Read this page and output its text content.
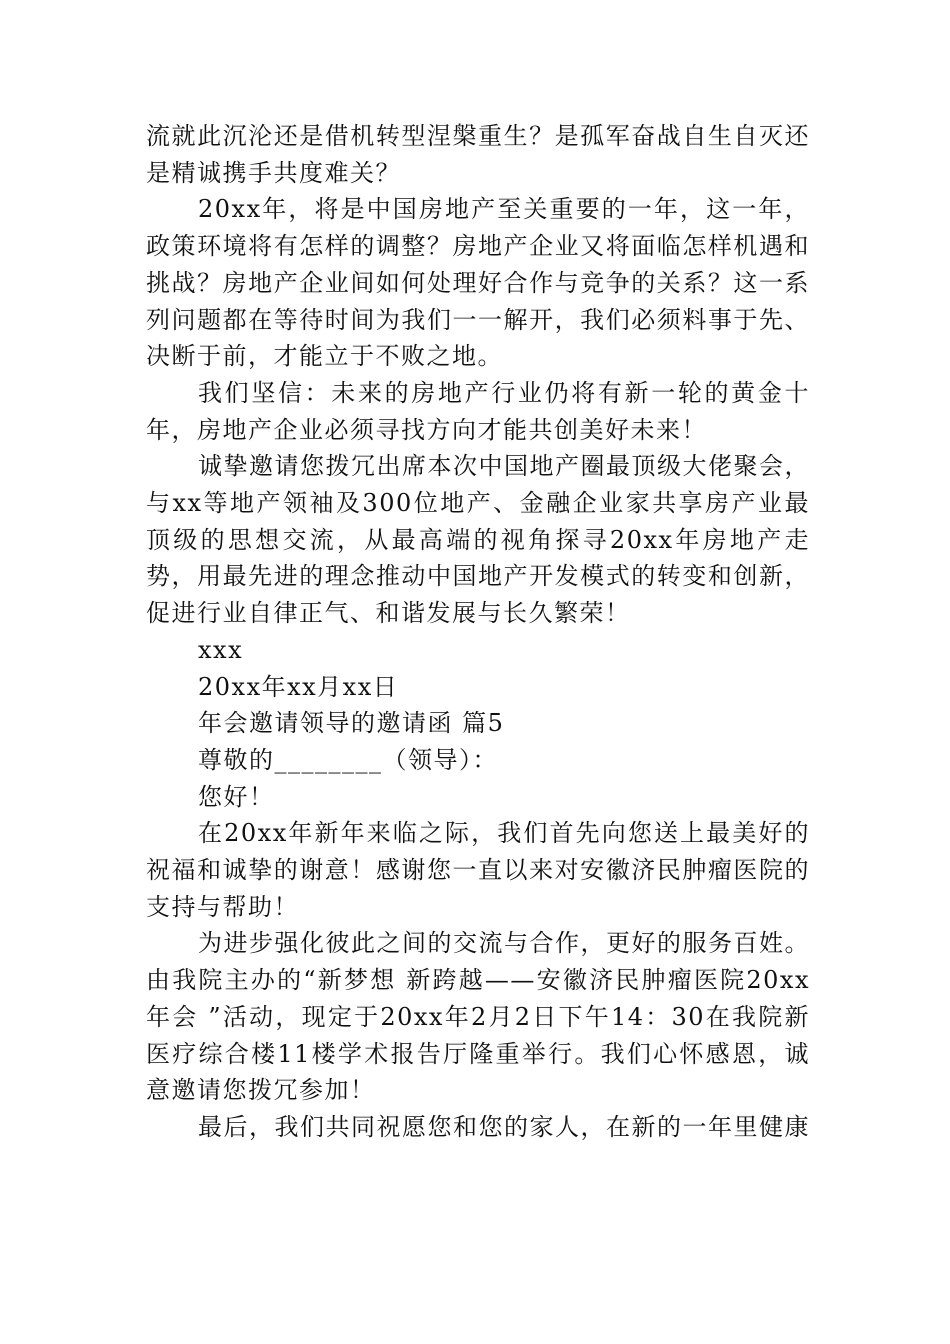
流就此沉沦还是借机转型涅槃重生？是孤军奋战自生自灭还是精诚携手共度难关？

20xx年，将是中国房地产至关重要的一年，这一年，政策环境将有怎样的调整？房地产企业又将面临怎样机遇和挑战？房地产企业间如何处理好合作与竞争的关系？这一系列问题都在等待时间为我们一一解开，我们必须料事于先、决断于前，才能立于不败之地。

我们坚信：未来的房地产行业仍将有新一轮的黄金十年，房地产企业必须寻找方向才能共创美好未来！

诚挚邀请您拨冗出席本次中国地产圈最顶级大佬聚会，与xx等地产领袖及300位地产、金融企业家共享房产业最顶级的思想交流，从最高端的视角探寻20xx年房地产走势，用最先进的理念推动中国地产开发模式的转变和创新，促进行业自律正气、和谐发展与长久繁荣！

xxx

20xx年xx月xx日

年会邀请领导的邀请函 篇5

尊敬的________（领导）：

您好！

在20xx年新年来临之际，我们首先向您送上最美好的祝福和诚挚的谢意！感谢您一直以来对安徽济民肿瘤医院的支持与帮助！

为进步强化彼此之间的交流与合作，更好的服务百姓。由我院主办的“新梦想 新跨越——安徽济民肿瘤医院20xx年会 ”活动，现定于20xx年2月2日下午14：30在我院新医疗综合楼11楼学术报告厅隆重举行。我们心怀感恩，诚意邀请您拨冗参加！

最后，我们共同祝愿您和您的家人，在新的一年里健康
